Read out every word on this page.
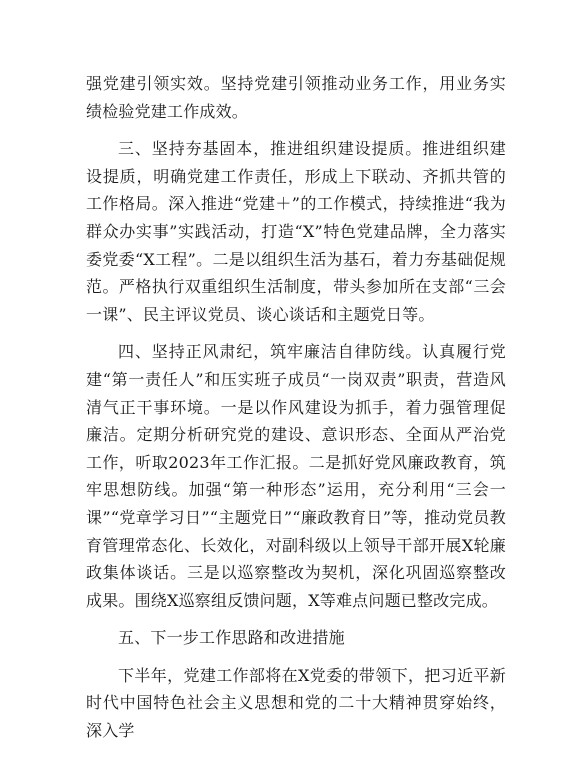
强党建引领实效。坚持党建引领推动业务工作，用业务实绩检验党建工作成效。

三、坚持夯基固本，推进组织建设提质。推进组织建设提质，明确党建工作责任，形成上下联动、齐抓共管的工作格局。深入推进“党建＋”的工作模式，持续推进“我为群众办实事”实践活动，打造“X”特色党建品牌，全力落实委党委“X工程”。二是以组织生活为基石，着力夯基础促规范。严格执行双重组织生活制度，带头参加所在支部“三会一课”、民主评议党员、谈心谈话和主题党日等。

四、坚持正风肃纪，筑牢廉洁自律防线。认真履行党建“第一责任人”和压实班子成员“一岗双责”职责，营造风清气正干事环境。一是以作风建设为抓手，着力强管理促廉洁。定期分析研究党的建设、意识形态、全面从严治党工作，听取2023年工作汇报。二是抓好党风廉政教育，筑牢思想防线。加强“第一种形态”运用，充分利用“三会一课”“党章学习日”“主题党日”“廉政教育日”等，推动党员教育管理常态化、长效化，对副科级以上领导干部开展X轮廉政集体谈话。三是以巡察整改为契机，深化巩固巡察整改成果。围绕X巡察组反馈问题，X等难点问题已整改完成。

五、下一步工作思路和改进措施

下半年，党建工作部将在X党委的带领下，把习近平新时代中国特色社会主义思想和党的二十大精神贯穿始终，深入学
